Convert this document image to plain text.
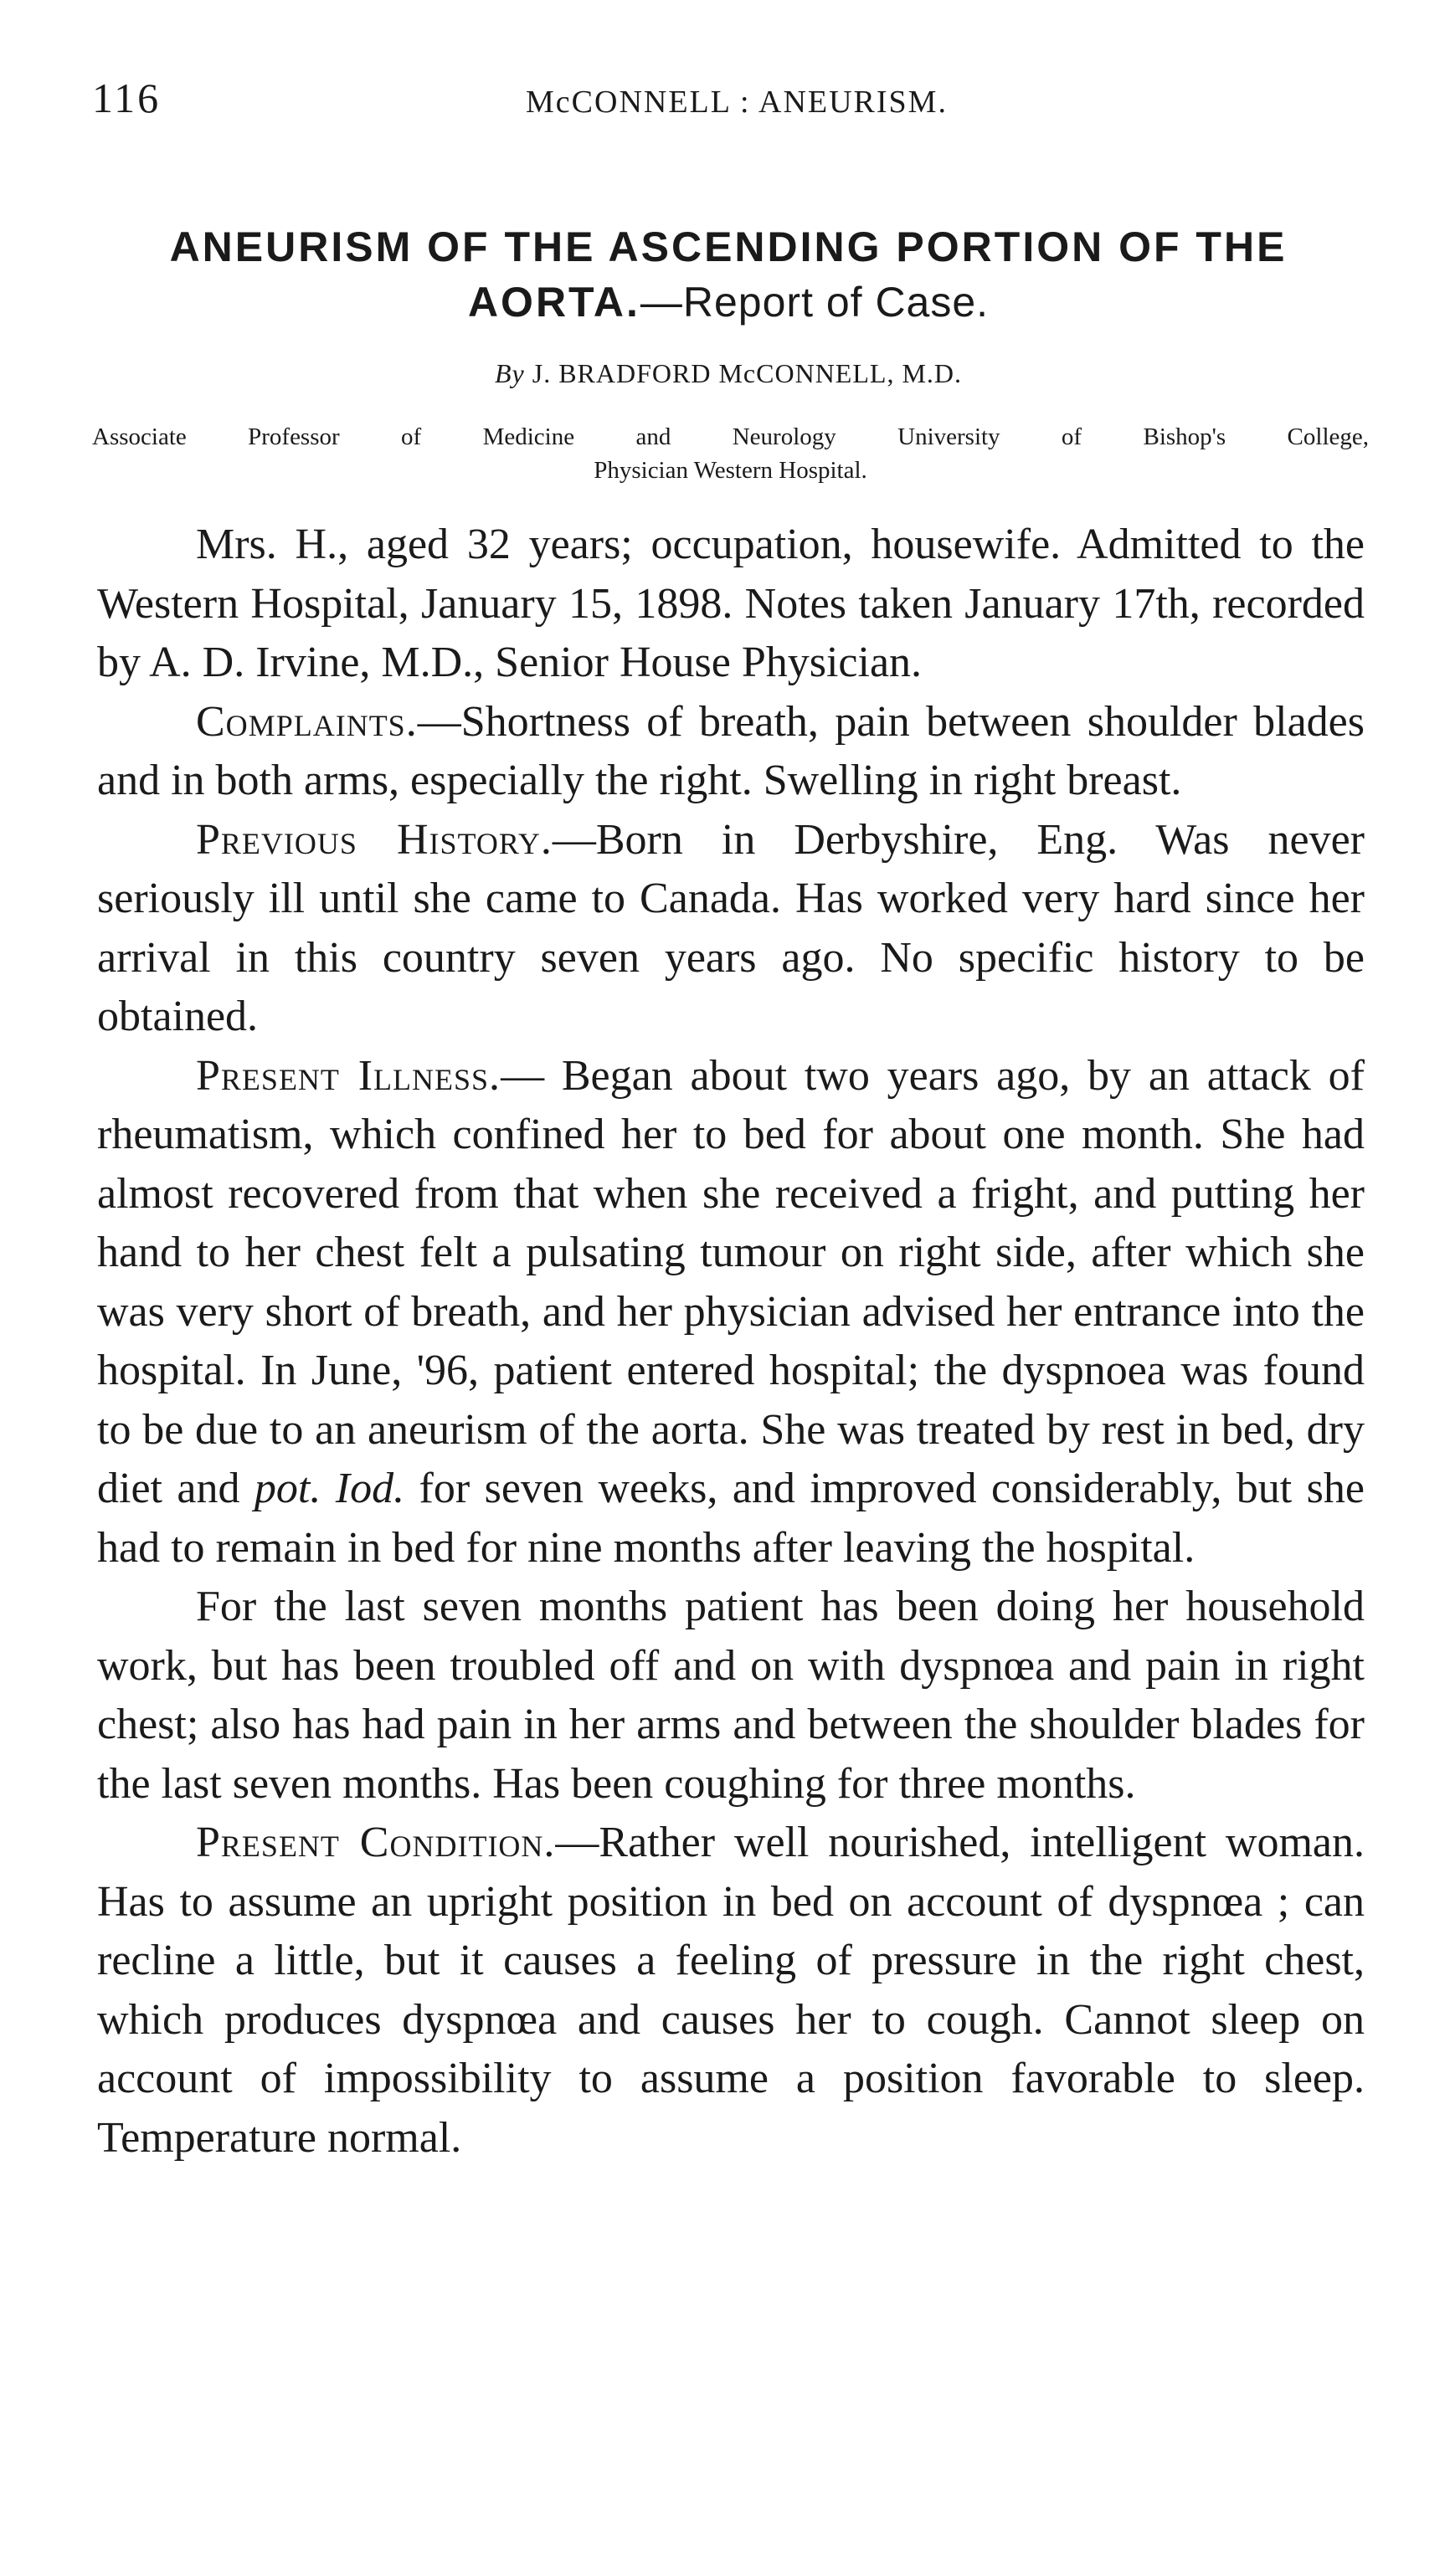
116	McCONNELL : ANEURISM.
ANEURISM OF THE ASCENDING PORTION OF THE AORTA.—Report of Case.
By J. BRADFORD McCONNELL, M.D.
Associate Professor of Medicine and Neurology University of Bishop's College,
Physician Western Hospital.

Mrs. H., aged 32 years; occupation, housewife. Admitted to the Western Hospital, January 15, 1898. Notes taken January 17th, recorded by A. D. Irvine, M.D., Senior House Physician.

Complaints.—Shortness of breath, pain between shoulder blades and in both arms, especially the right. Swelling in right breast.

Previous History.—Born in Derbyshire, Eng. Was never seriously ill until she came to Canada. Has worked very hard since her arrival in this country seven years ago. No specific history to be obtained.

Present Illness.— Began about two years ago, by an attack of rheumatism, which confined her to bed for about one month. She had almost recovered from that when she received a fright, and putting her hand to her chest felt a pulsating tumour on right side, after which she was very short of breath, and her physician advised her entrance into the hospital. In June, '96, patient entered hospital; the dyspnoea was found to be due to an aneurism of the aorta. She was treated by rest in bed, dry diet and pot. Iod. for seven weeks, and improved considerably, but she had to remain in bed for nine months after leaving the hospital.

For the last seven months patient has been doing her household work, but has been troubled off and on with dyspnœa and pain in right chest; also has had pain in her arms and between the shoulder blades for the last seven months. Has been coughing for three months.

Present Condition.—Rather well nourished, intelligent woman. Has to assume an upright position in bed on account of dyspnœa ; can recline a little, but it causes a feeling of pressure in the right chest, which produces dyspnœa and causes her to cough. Cannot sleep on account of impossibility to assume a position favorable to sleep. Temperature normal.
